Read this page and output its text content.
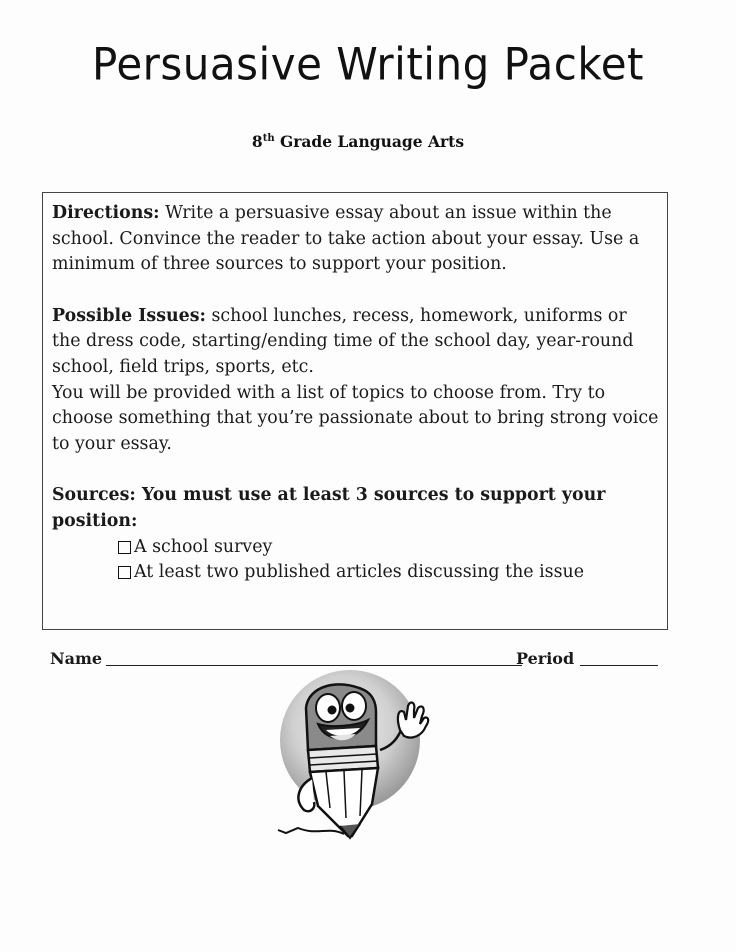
Persuasive Writing Packet
8th Grade Language Arts

Directions: Write a persuasive essay about an issue within the school. Convince the reader to take action about your essay. Use a minimum of three sources to support your position.

Possible Issues: school lunches, recess, homework, uniforms or the dress code, starting/ending time of the school day, year-round school, field trips, sports, etc.

You will be provided with a list of topics to choose from. Try to choose something that you’re passionate about to bring strong voice to your essay.

Sources: You must use at least 3 sources to support your position:

A school survey
At least two published articles discussing the issue
Name	Period
